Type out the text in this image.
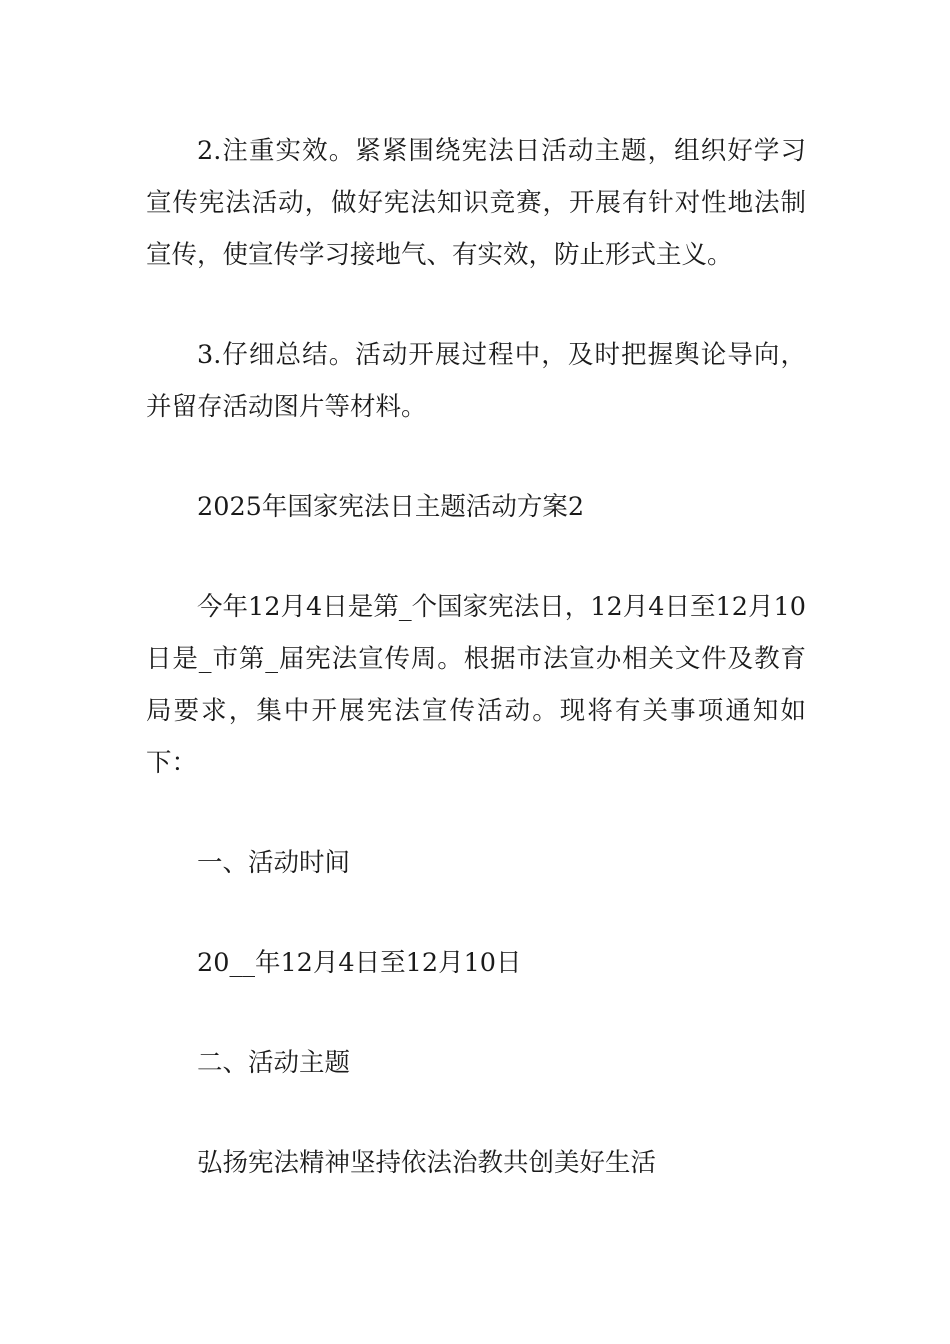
2.注重实效。紧紧围绕宪法日活动主题，组织好学习宣传宪法活动，做好宪法知识竞赛，开展有针对性地法制宣传，使宣传学习接地气、有实效，防止形式主义。

3.仔细总结。活动开展过程中，及时把握舆论导向，并留存活动图片等材料。

2025年国家宪法日主题活动方案2

今年12月4日是第_个国家宪法日，12月4日至12月10日是_市第_届宪法宣传周。根据市法宣办相关文件及教育局要求，集中开展宪法宣传活动。现将有关事项通知如下：

一、活动时间

20__年12月4日至12月10日

二、活动主题

弘扬宪法精神坚持依法治教共创美好生活
